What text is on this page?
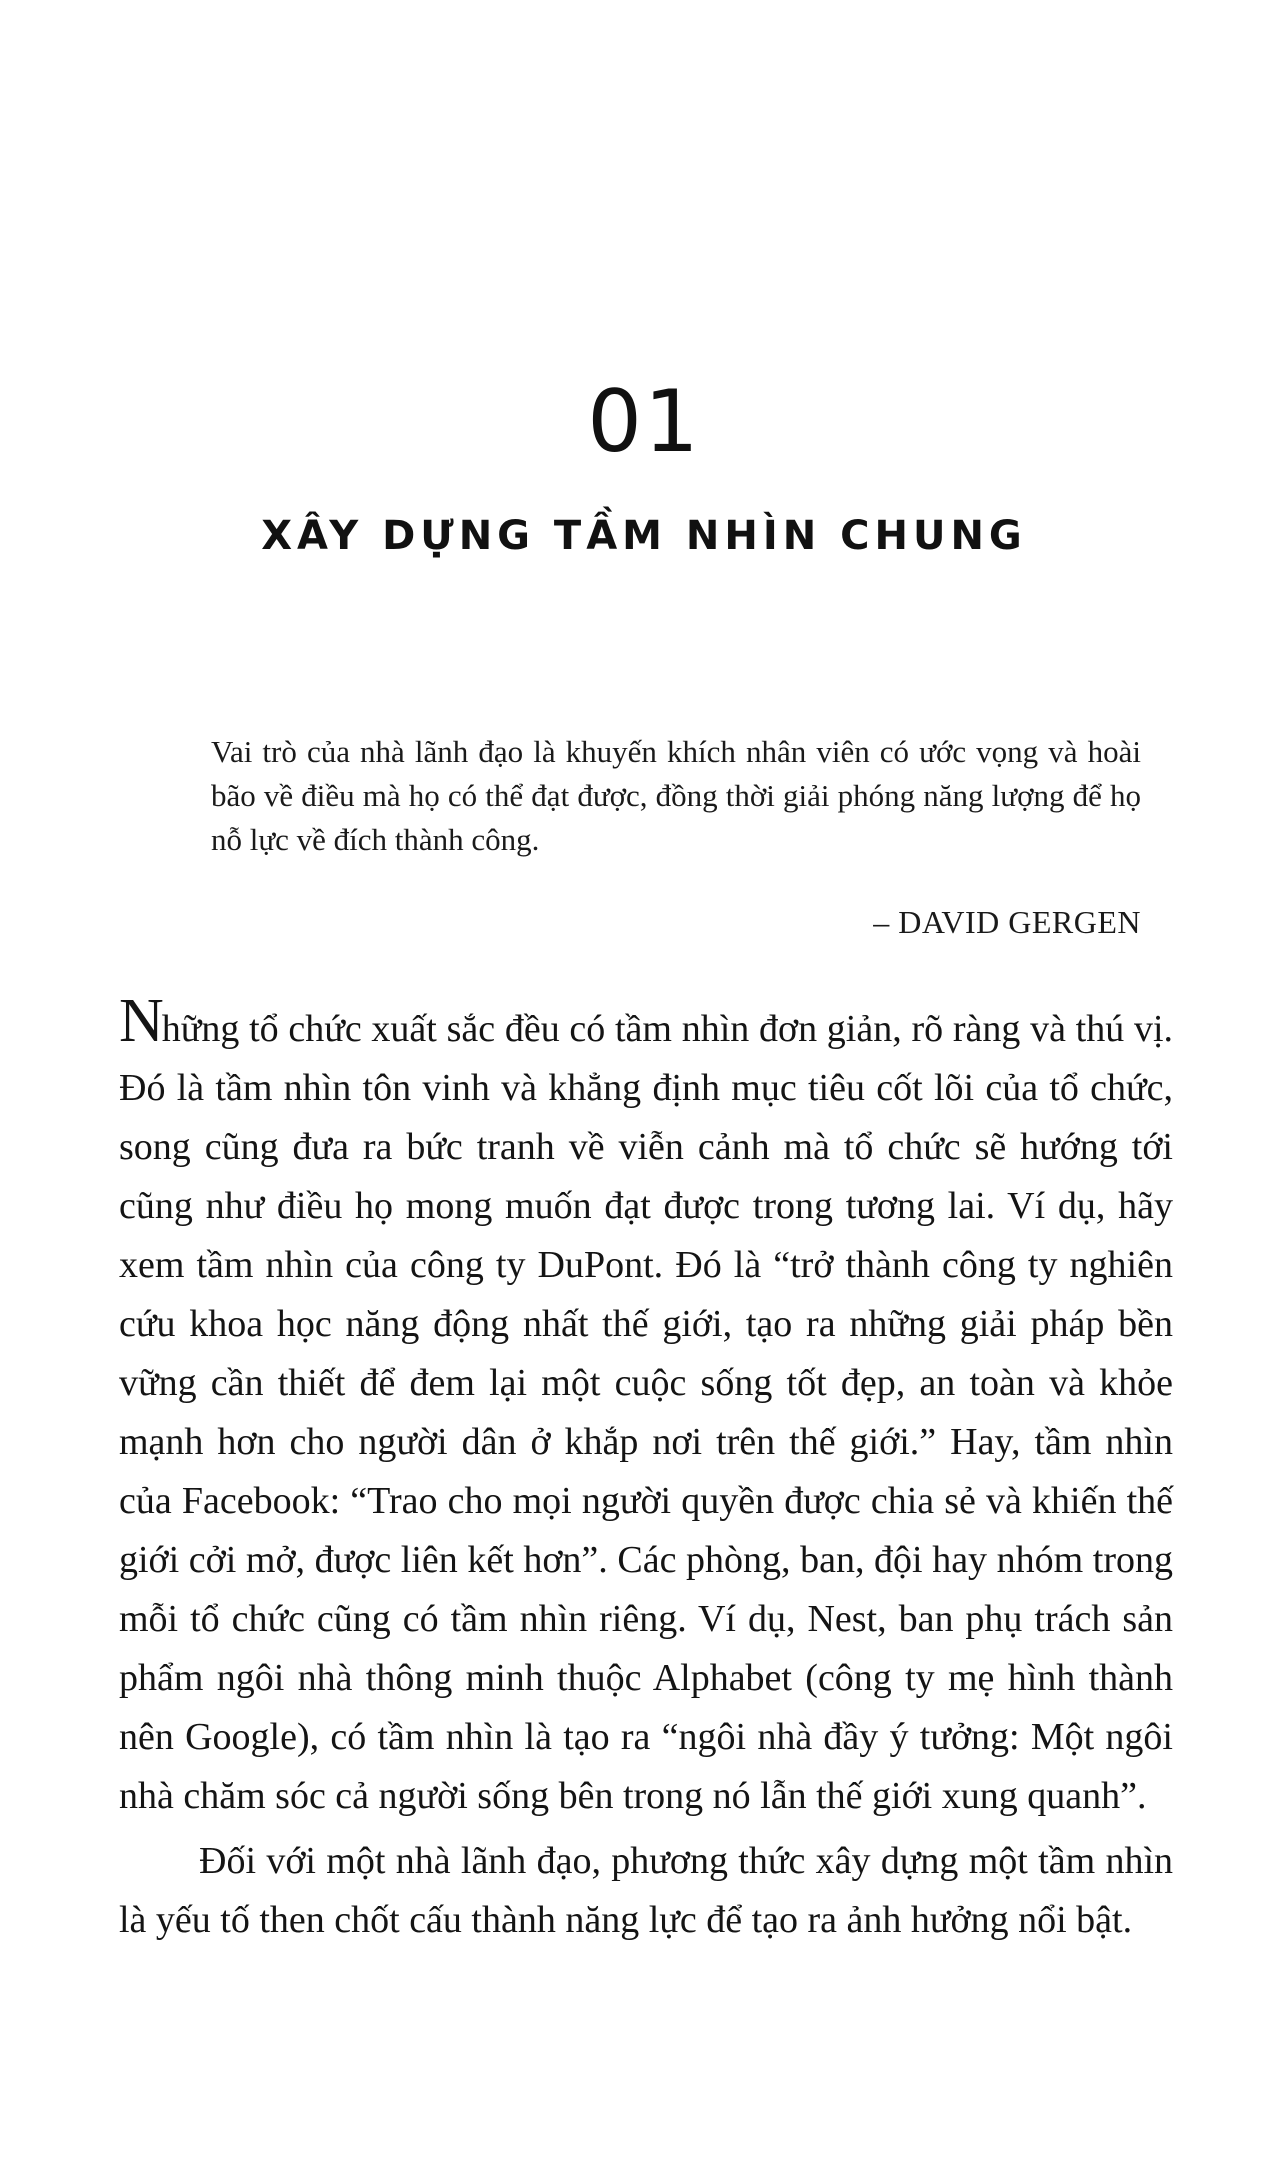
01
XÂY DỰNG TẦM NHÌN CHUNG

Vai trò của nhà lãnh đạo là khuyến khích nhân viên có ước vọng và hoài bão về điều mà họ có thể đạt được, đồng thời giải phóng năng lượng để họ nỗ lực về đích thành công.

– DAVID GERGEN

Những tổ chức xuất sắc đều có tầm nhìn đơn giản, rõ ràng và thú vị. Đó là tầm nhìn tôn vinh và khẳng định mục tiêu cốt lõi của tổ chức, song cũng đưa ra bức tranh về viễn cảnh mà tổ chức sẽ hướng tới cũng như điều họ mong muốn đạt được trong tương lai. Ví dụ, hãy xem tầm nhìn của công ty DuPont. Đó là “trở thành công ty nghiên cứu khoa học năng động nhất thế giới, tạo ra những giải pháp bền vững cần thiết để đem lại một cuộc sống tốt đẹp, an toàn và khỏe mạnh hơn cho người dân ở khắp nơi trên thế giới.” Hay, tầm nhìn của Facebook: “Trao cho mọi người quyền được chia sẻ và khiến thế giới cởi mở, được liên kết hơn”. Các phòng, ban, đội hay nhóm trong mỗi tổ chức cũng có tầm nhìn riêng. Ví dụ, Nest, ban phụ trách sản phẩm ngôi nhà thông minh thuộc Alphabet (công ty mẹ hình thành nên Google), có tầm nhìn là tạo ra “ngôi nhà đầy ý tưởng: Một ngôi nhà chăm sóc cả người sống bên trong nó lẫn thế giới xung quanh”.

Đối với một nhà lãnh đạo, phương thức xây dựng một tầm nhìn là yếu tố then chốt cấu thành năng lực để tạo ra ảnh hưởng nổi bật.
